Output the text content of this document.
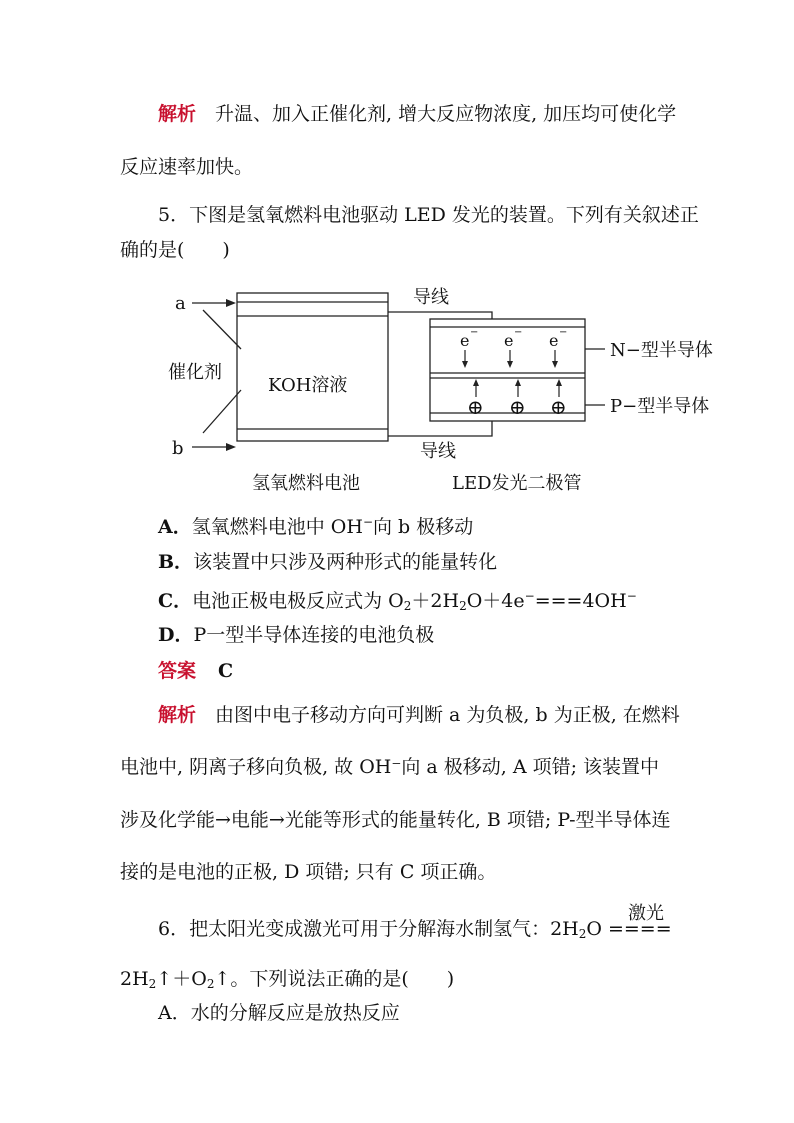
解析 升温、加入正催化剂, 增大反应物浓度, 加压均可使化学
反应速率加快。
5．下图是氢氧燃料电池驱动 LED 发光的装置。下列有关叙述正
确的是(　　)
a
b
催化剂
KOH溶液
导线
导线
N−型半导体
P−型半导体
氢氧燃料电池	LED发光二极管
e − e − e −
⊕ ⊕ ⊕
A．氢氧燃料电池中 OH−向 b 极移动
B．该装置中只涉及两种形式的能量转化
C．电池正极电极反应式为 $O_2+2H_2O+4e^-===4OH^-$
D．P一型半导体连接的电池负极
答案 C
解析 由图中电子移动方向可判断 a 为负极, b 为正极, 在燃料
电池中, 阴离子移向负极, 故 OH⁻向 a 极移动, A 项错; 该装置中
涉及化学能→电能→光能等形式的能量转化, B 项错; P-型半导体连
接的是电池的正极, D 项错; 只有 C 项正确。
激光
6．把太阳光变成激光可用于分解海水制氢气：$2H_2O$ ====
$2H_2↑+O_2↑$。下列说法正确的是(　　)
A．水的分解反应是放热反应
